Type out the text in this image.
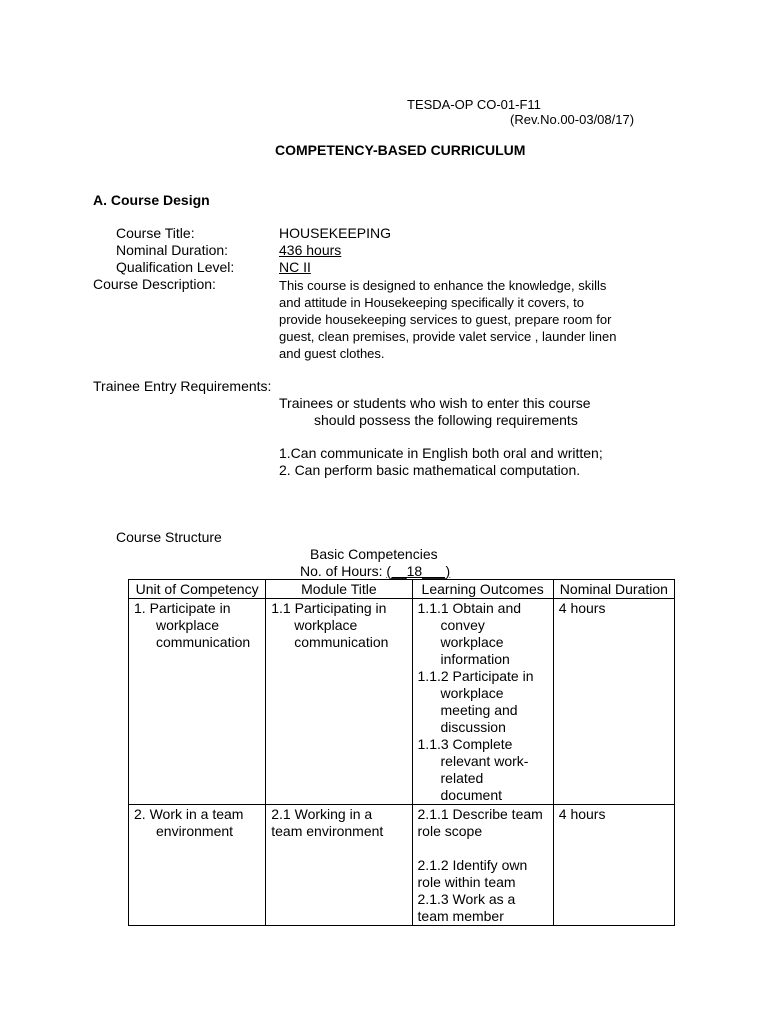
TESDA-OP CO-01-F11
(Rev.No.00-03/08/17)
COMPETENCY-BASED CURRICULUM
A. Course Design
Course Title:	HOUSEKEEPING
Nominal Duration:	436 hours
Qualification Level:	NC II
Course Description:	This course is designed to enhance the knowledge, skills
and attitude in Housekeeping specifically it covers, to
provide housekeeping services to guest, prepare room for
guest, clean premises, provide valet service , launder linen
and guest clothes.
Trainee Entry Requirements:
Trainees or students who wish to enter this course
should possess the following requirements
1.Can communicate in English both oral and written;
2. Can perform basic mathematical computation.
Course Structure
Basic Competencies
No. of Hours: (__18___)
Unit of Competency	Module Title	Learning Outcomes	Nominal Duration

1. Participate in workplace communication	1.1 Participating in workplace communication	1.1.1 Obtain and convey workplace information
1.1.2 Participate in workplace meeting and discussion
1.1.3 Complete relevant work-related document	4 hours

2. Work in a team environment	2.1 Working in a team environment	2.1.1 Describe team role scope
2.1.2 Identify own role within team
2.1.3 Work as a team member	4 hours
